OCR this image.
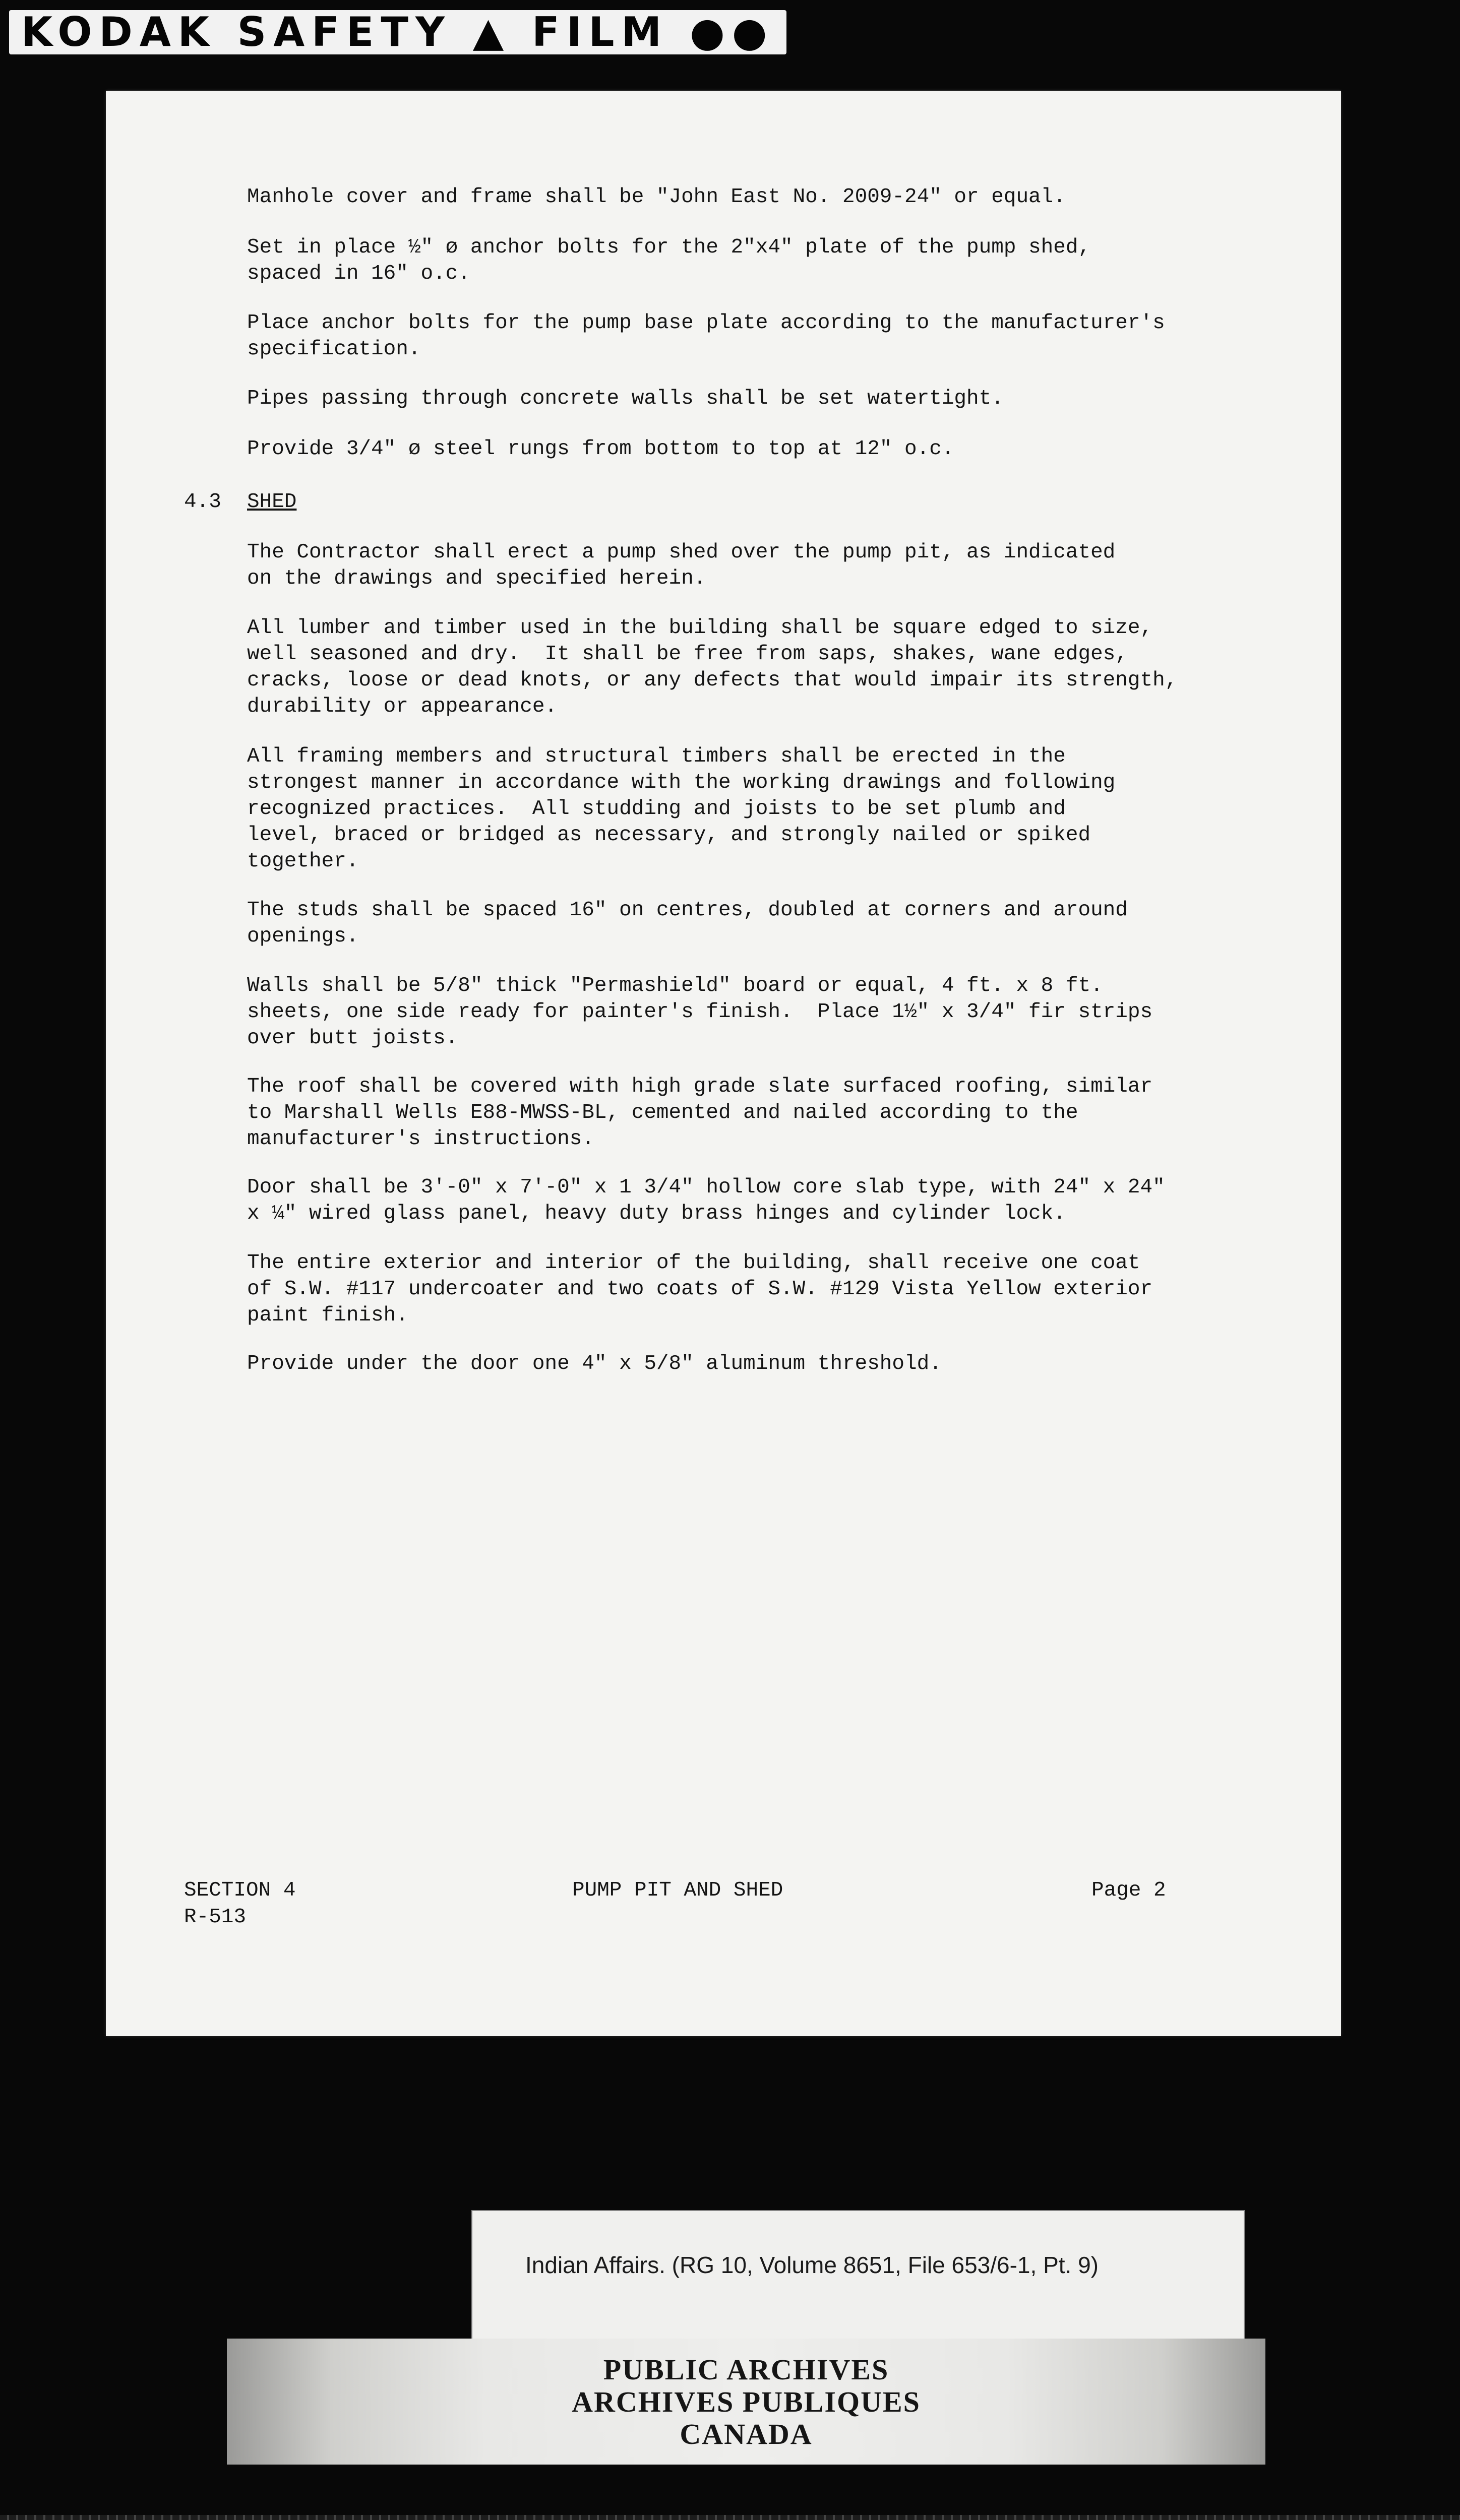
KODAK SAFETY ▲ FILM ●●
Manhole cover and frame shall be "John East No. 2009-24" or equal.
Set in place ½" ø anchor bolts for the 2"x4" plate of the pump shed,
spaced in 16" o.c.
Place anchor bolts for the pump base plate according to the manufacturer's
specification.
Pipes passing through concrete walls shall be set watertight.
Provide 3/4" ø steel rungs from bottom to top at 12" o.c.
4.3 SHED
The Contractor shall erect a pump shed over the pump pit, as indicated
on the drawings and specified herein.
All lumber and timber used in the building shall be square edged to size,
well seasoned and dry.  It shall be free from saps, shakes, wane edges,
cracks, loose or dead knots, or any defects that would impair its strength,
durability or appearance.
All framing members and structural timbers shall be erected in the
strongest manner in accordance with the working drawings and following
recognized practices.  All studding and joists to be set plumb and
level, braced or bridged as necessary, and strongly nailed or spiked
together.
The studs shall be spaced 16" on centres, doubled at corners and around
openings.
Walls shall be 5/8" thick "Permashield" board or equal, 4 ft. x 8 ft.
sheets, one side ready for painter's finish.  Place 1½" x 3/4" fir strips
over butt joists.
The roof shall be covered with high grade slate surfaced roofing, similar
to Marshall Wells E88-MWSS-BL, cemented and nailed according to the
manufacturer's instructions.
Door shall be 3'-0" x 7'-0" x 1 3/4" hollow core slab type, with 24" x 24"
x ¼" wired glass panel, heavy duty brass hinges and cylinder lock.
The entire exterior and interior of the building, shall receive one coat
of S.W. #117 undercoater and two coats of S.W. #129 Vista Yellow exterior
paint finish.
Provide under the door one 4" x 5/8" aluminum threshold.
SECTION 4
R-513
PUMP PIT AND SHED	Page 2
Indian Affairs. (RG 10, Volume 8651, File 653/6-1, Pt. 9)
PUBLIC ARCHIVES
ARCHIVES PUBLIQUES
CANADA
